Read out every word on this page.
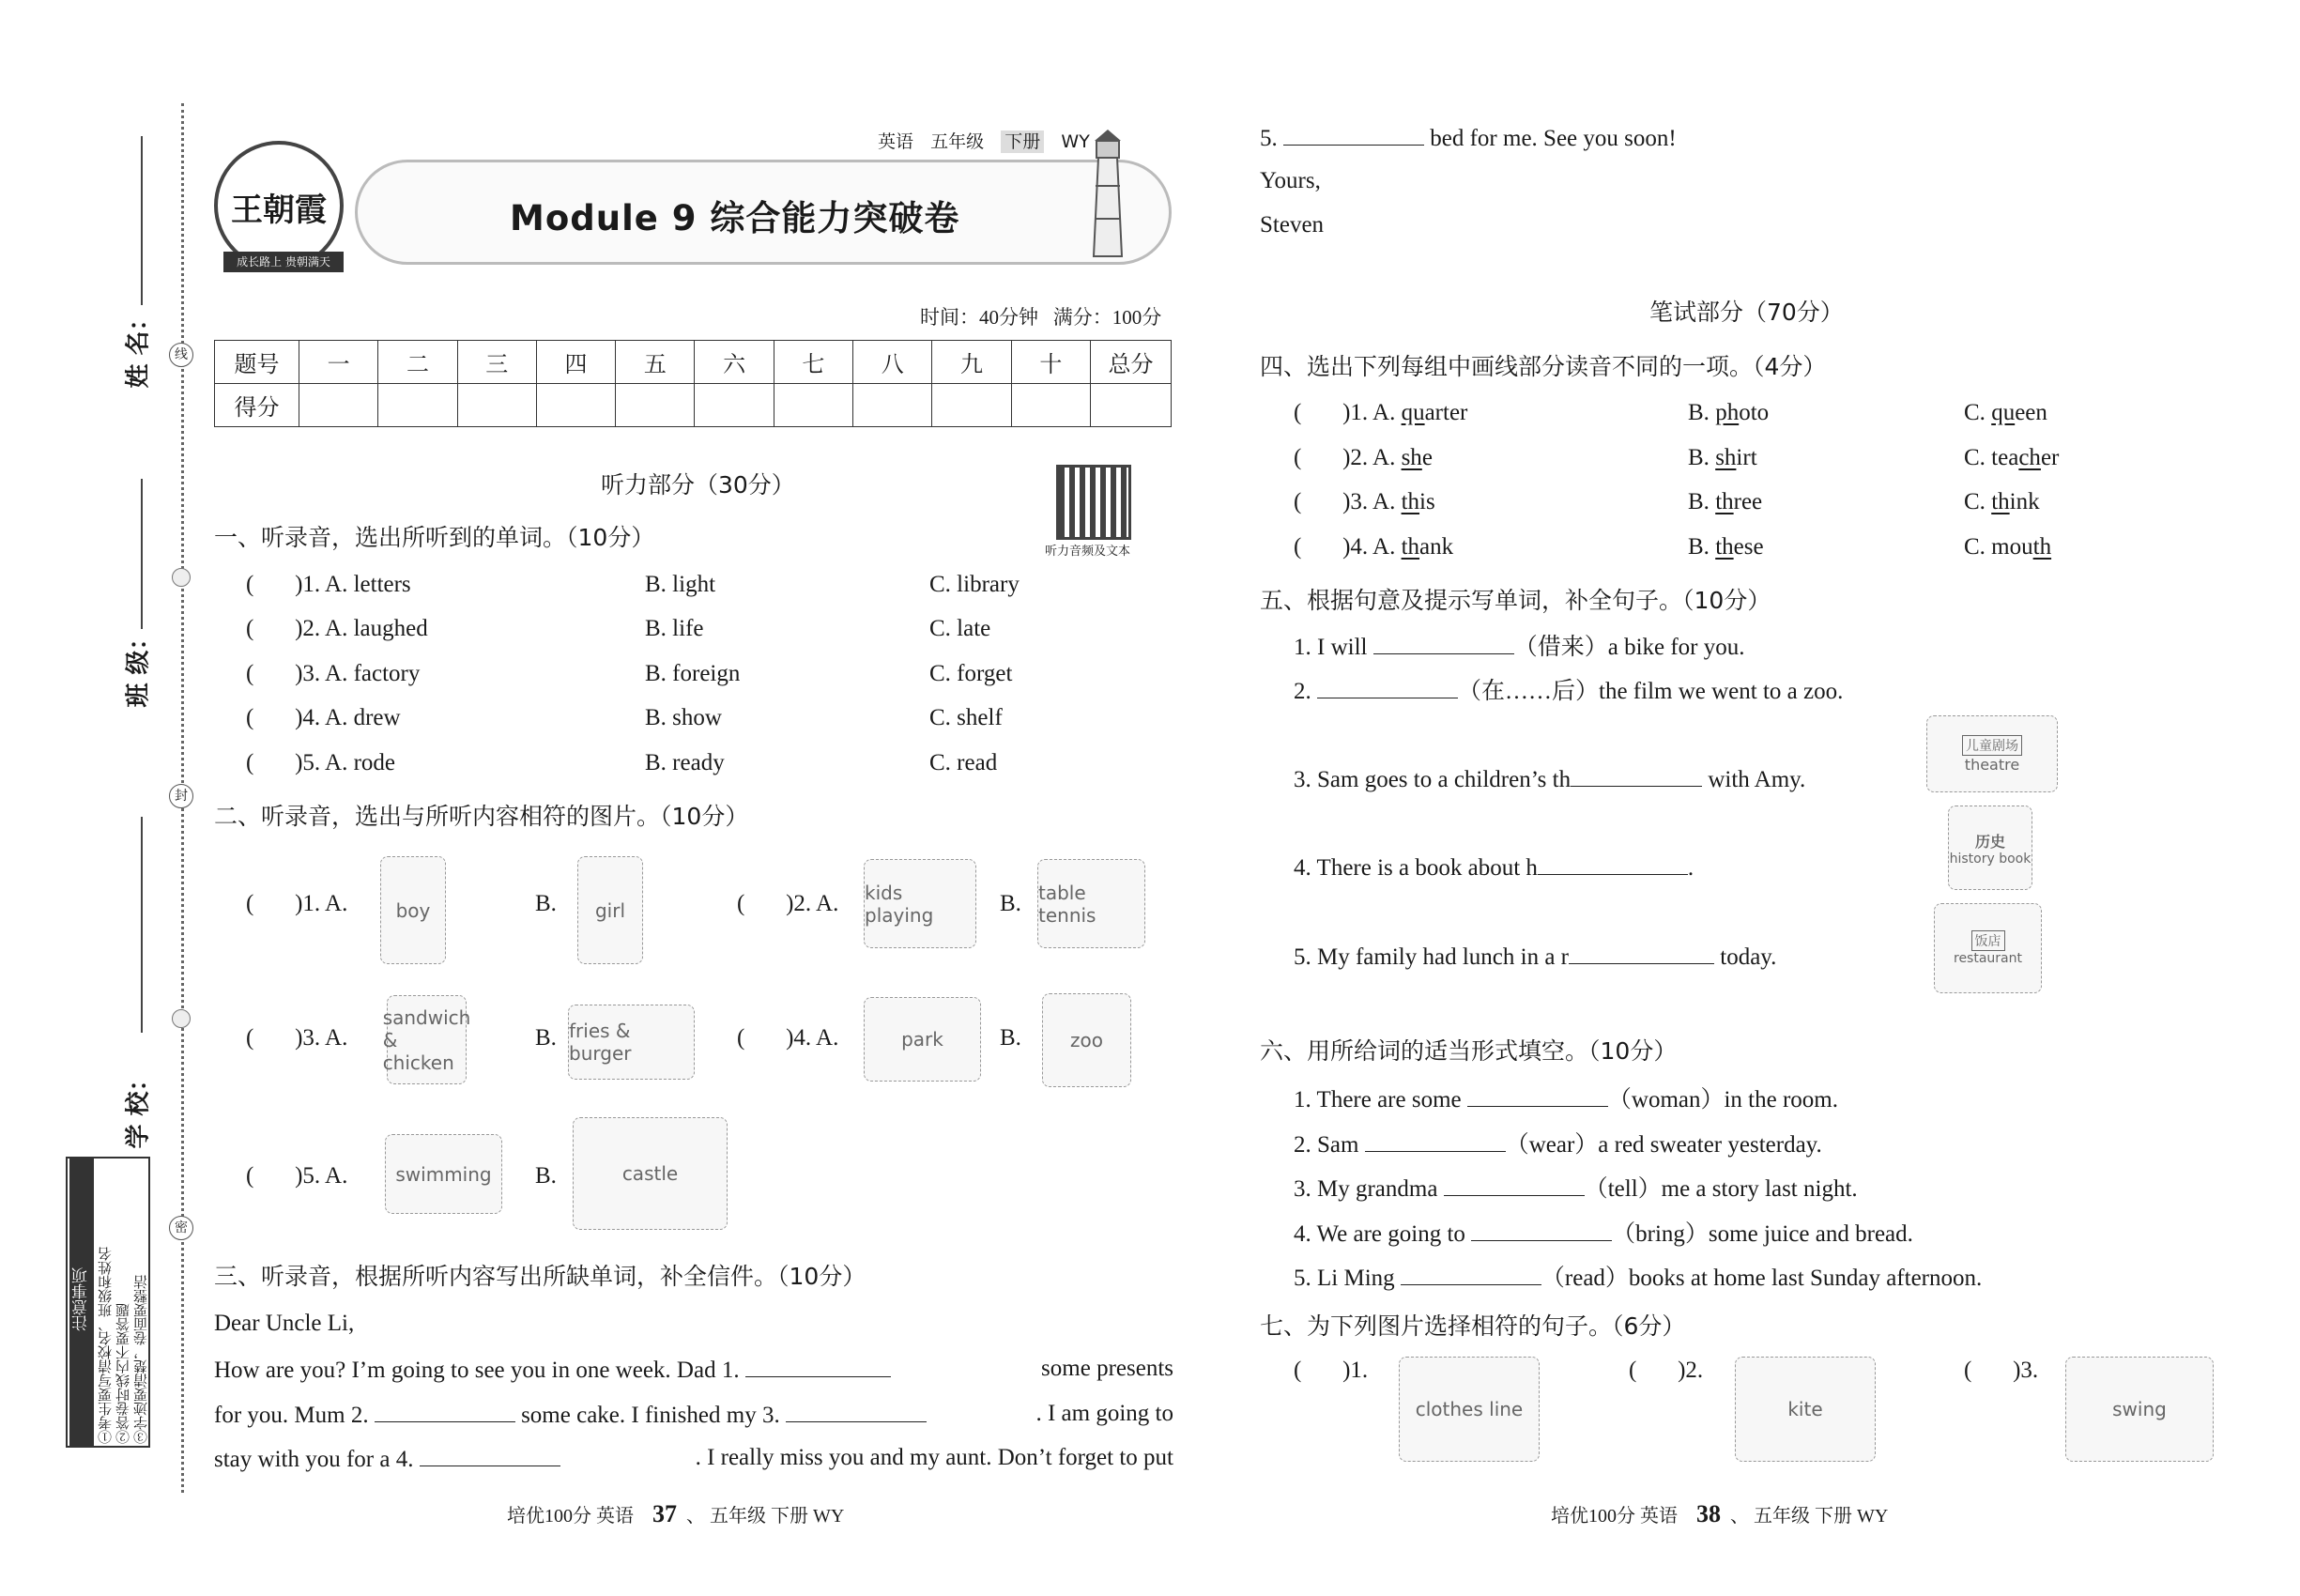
线
封
密
姓 名：
班 级：
学 校：
注意事项 ①考生要写清校名、班级和姓名 ②答卷时线内不要答题 ③字迹要清楚，卷面要整洁
王朝霞
成长路上 贵朝满天
英语 五年级 下册 WY
Module 9 综合能力突破卷
时间：40分钟 满分：100分
题号	一	二	三	四	五	六	七	八	九	十	总分
得分											
听力部分（30分）
听力音频及文本
一、听录音，选出所听到的单词。（10分）
(       )1. A. letters	B. light	C. library
(       )2. A. laughed	B. life	C. late
(       )3. A. factory	B. foreign	C. forget
(       )4. A. drew	B. show	C. shelf
(       )5. A. rode	B. ready	C. read
二、听录音，选出与所听内容相符的图片。（10分）
(       )1. A.	boy	B. girl	(       )2. A. kids playing	B. table tennis
(       )3. A.
sandwich & chicken
B. fries & burger
(       )4. A.	park B.	zoo
(       )5. A.	swimming B.	castle
三、听录音，根据所听内容写出所缺单词，补全信件。（10分）
Dear Uncle Li,
How are you? I’m going to see you in one week. Dad 1.	some presents
for you. Mum 2.	some cake. I finished my 3.	. I am going to
stay with you for a 4.	. I really miss you and my aunt. Don’t forget to put
培优100分 英语 37 、 五年级 下册 WY
5.	bed for me. See you soon!
Yours,
Steven
笔试部分（70分）
四、选出下列每组中画线部分读音不同的一项。（4分）
(       )1. A. quarter	B. photo	C. queen
(       )2. A. she	B. shirt	C. teacher
(       )3. A. this	B. three	C. think
(       )4. A. thank	B. these	C. mouth
五、根据句意及提示写单词，补全句子。（10分）
1. I will	（借来）a bike for you.
2.	（在……后）the film we went to a zoo.
3. Sam goes to a children’s th	with Amy.
4. There is a book about h	.
5. My family had lunch in a r	today.
儿童剧场
theatre
历史
history book
饭店
restaurant
六、用所给词的适当形式填空。（10分）
1. There are some	（woman）in the room.
2. Sam	（wear）a red sweater yesterday.
3. My grandma	（tell）me a story last night.
4. We are going to	（bring）some juice and bread.
5. Li Ming	（read）books at home last Sunday afternoon.
七、为下列图片选择相符的句子。（6分）
(       )1.
clothes line
(       )2.
kite
(       )3.
swing
培优100分 英语 38 、 五年级 下册 WY
